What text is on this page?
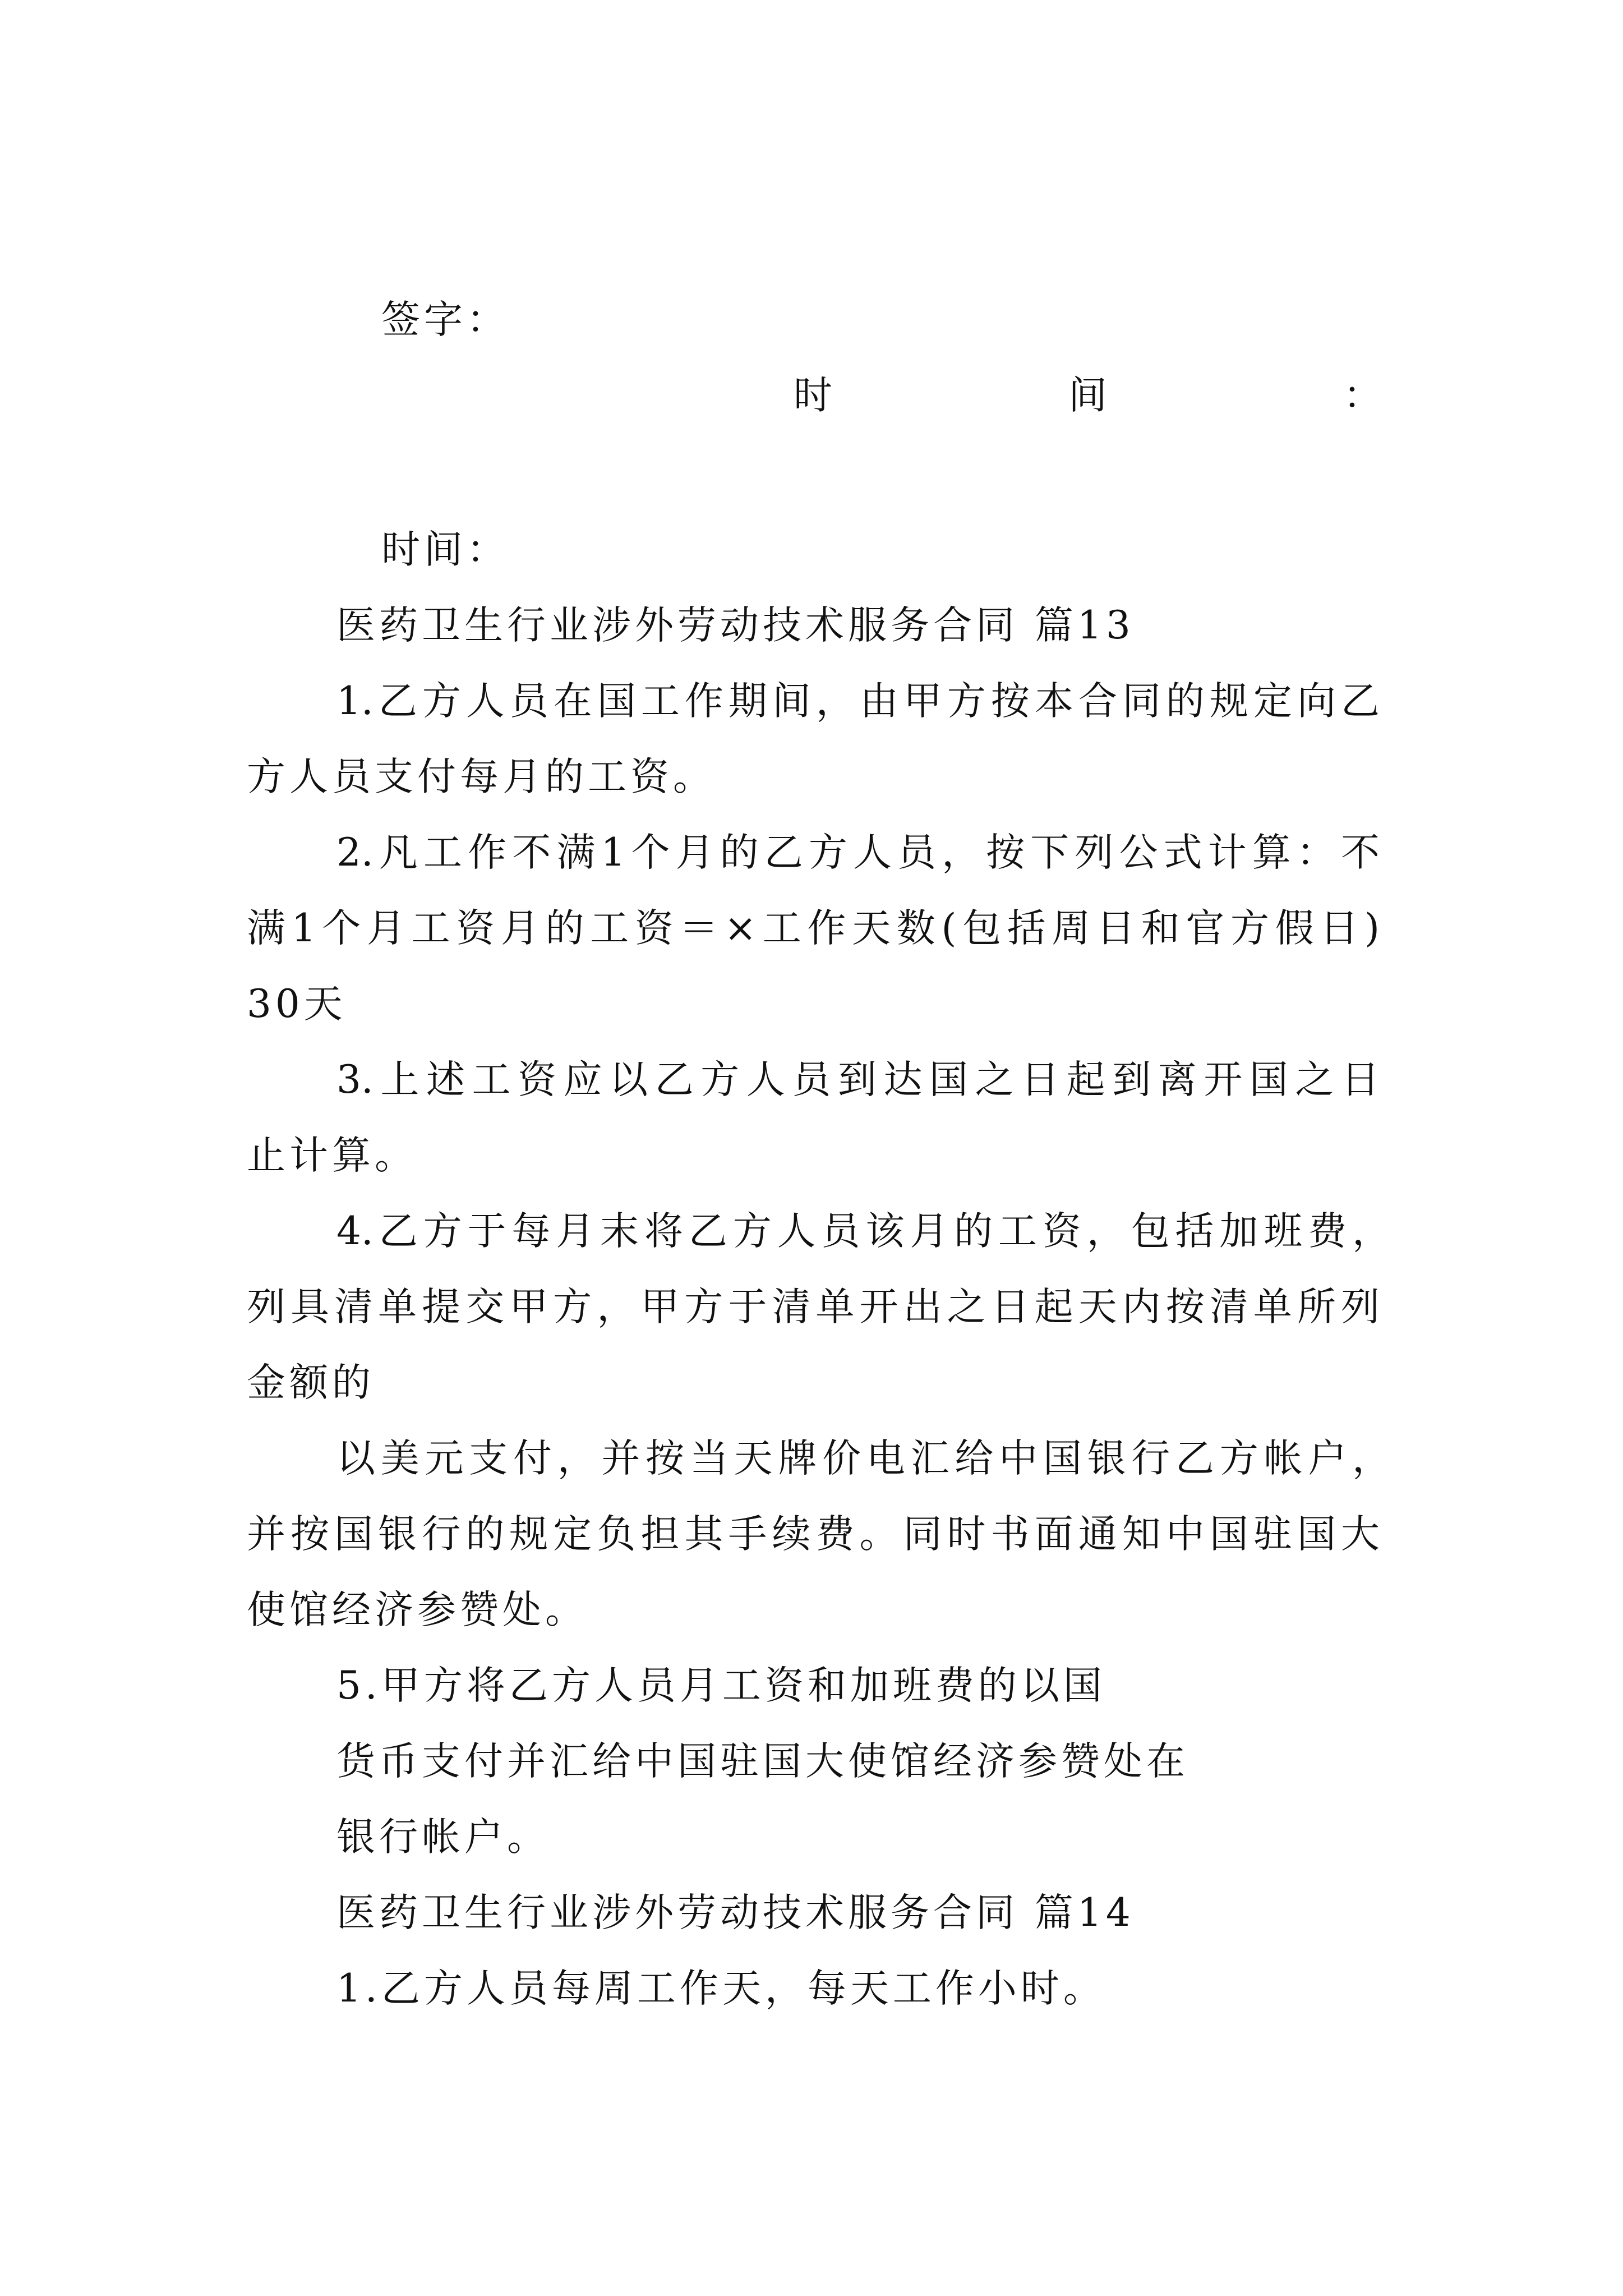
签字：
时	间	：
时间：
医药卫生行业涉外劳动技术服务合同 篇13
1.乙方人员在国工作期间，由甲方按本合同的规定向乙
方人员支付每月的工资。
2.凡工作不满1个月的乙方人员，按下列公式计算：不
满1个月工资月的工资＝×工作天数(包括周日和官方假日)
30天
3.上述工资应以乙方人员到达国之日起到离开国之日
止计算。
4.乙方于每月末将乙方人员该月的工资，包括加班费，
列具清单提交甲方，甲方于清单开出之日起天内按清单所列
金额的
以美元支付，并按当天牌价电汇给中国银行乙方帐户，
并按国银行的规定负担其手续费。同时书面通知中国驻国大
使馆经济参赞处。
5.甲方将乙方人员月工资和加班费的以国
货币支付并汇给中国驻国大使馆经济参赞处在
银行帐户。
医药卫生行业涉外劳动技术服务合同 篇14
1.乙方人员每周工作天，每天工作小时。
